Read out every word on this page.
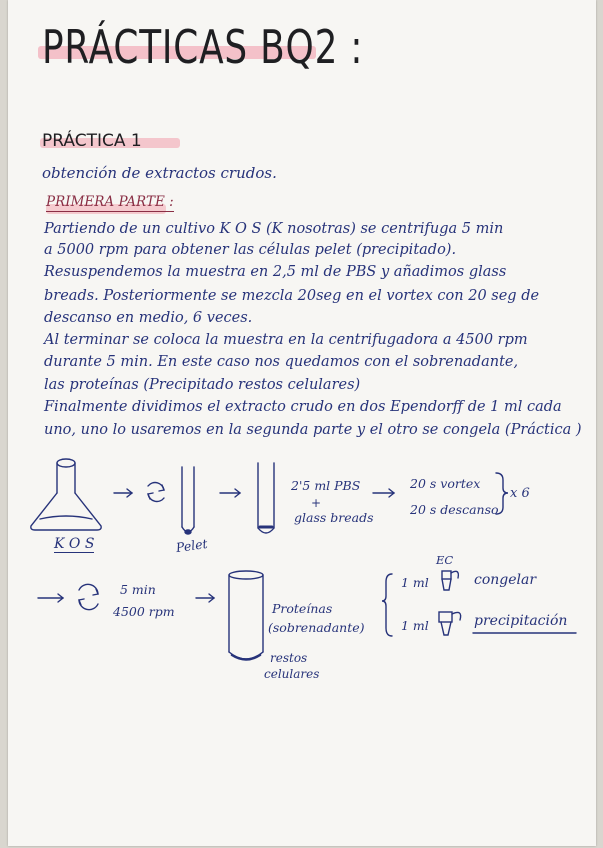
PRÁCTICAS BQ2 :
PRÁCTICA 1
obtención de extractos crudos.
PRIMERA PARTE :
Partiendo de un cultivo K O S (K nosotras) se centrifuga 5 min
a 5000 rpm para obtener las células pelet (precipitado).
Resuspendemos la muestra en 2,5 ml de PBS y añadimos glass
breads. Posteriormente se mezcla 20seg en el vortex con 20 seg de
descanso en medio, 6 veces.
Al terminar se coloca la muestra en la centrifugadora a 4500 rpm
durante 5 min. En este caso nos quedamos con el sobrenadante,
las proteínas (Precipitado restos celulares)
Finalmente dividimos el extracto crudo en dos Ependorff de 1 ml cada
uno, uno lo usaremos en la segunda parte y el otro se congela (Práctica )
K O S	Pelet
2'5 ml PBS
+
glass breads
20 s vortex
20 s descanso
x 6
5 min
4500 rpm	Proteínas
(sobrenadante)
restos
celulares
EC
1 ml
1 ml
congelar
precipitación
